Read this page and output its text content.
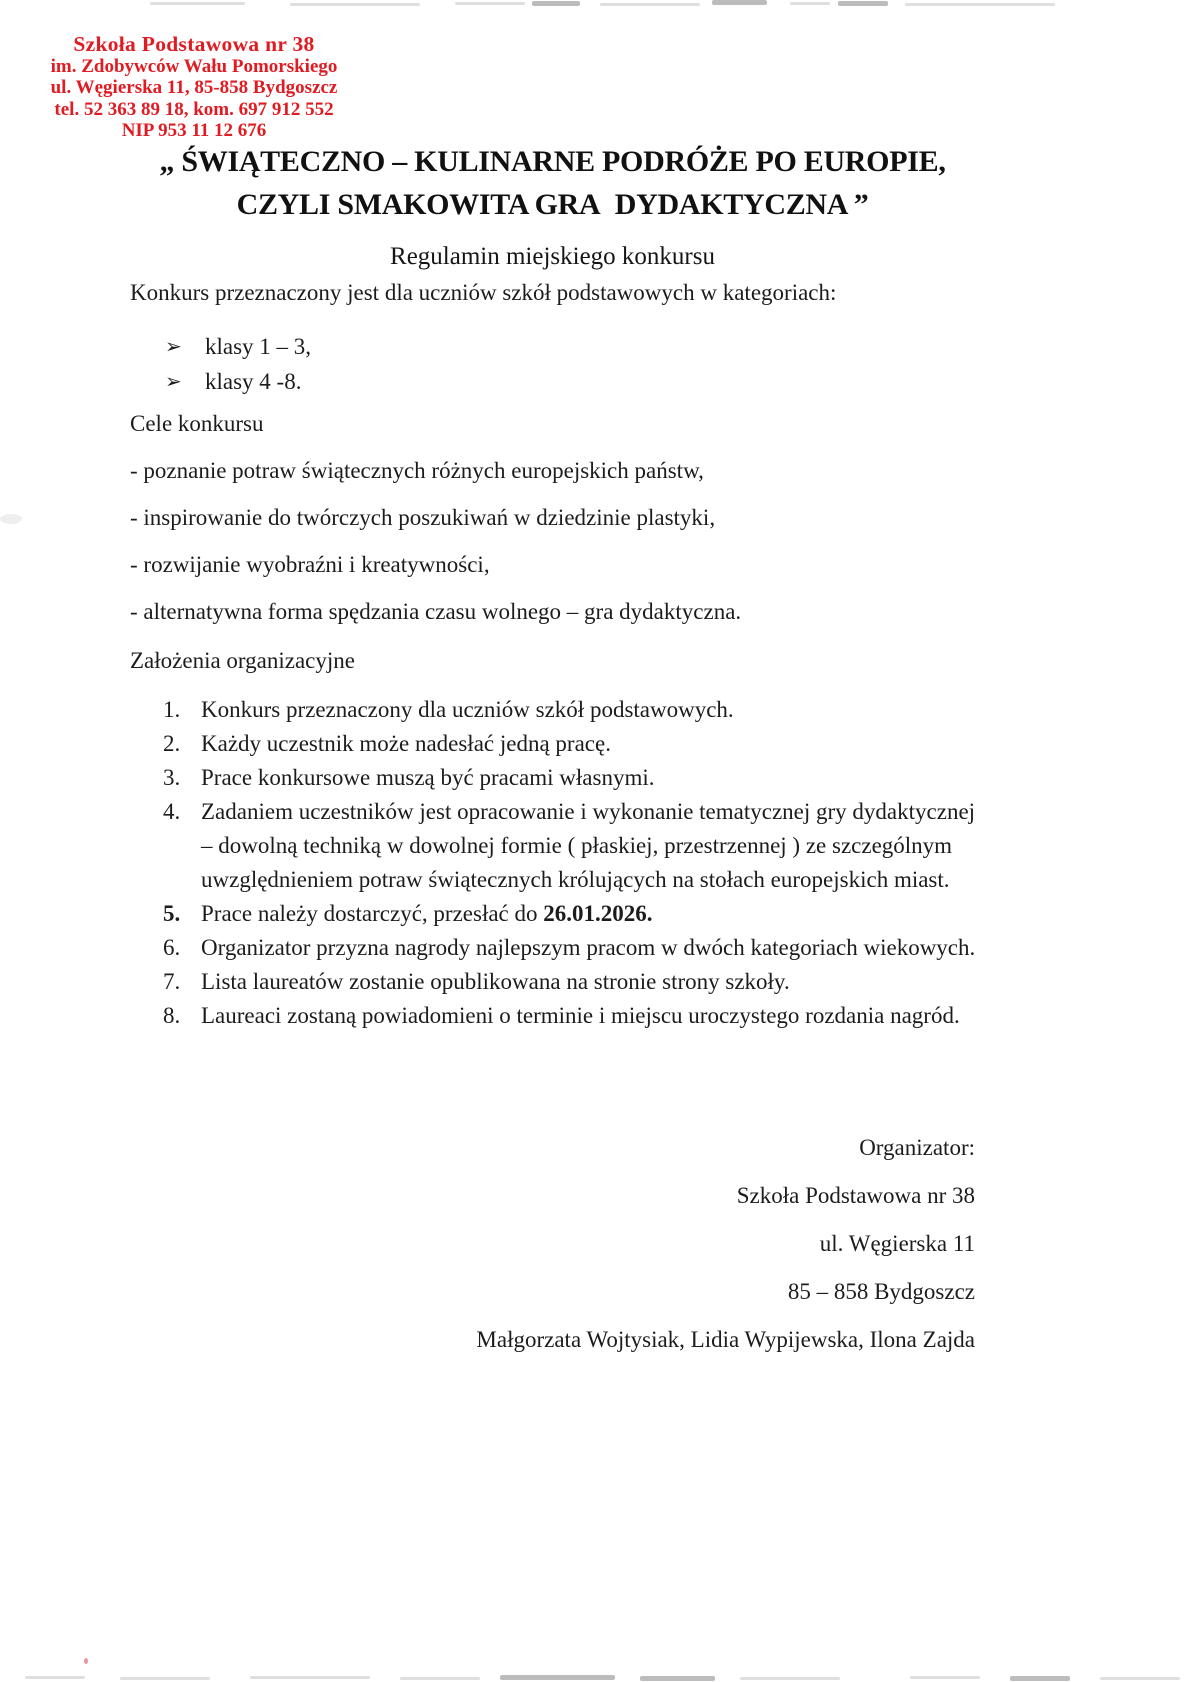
Szkoła Podstawowa nr 38
im. Zdobywców Wału Pomorskiego
ul. Węgierska 11, 85-858 Bydgoszcz
tel. 52 363 89 18, kom. 697 912 552
NIP 953 11 12 676
„ ŚWIĄTECZNO – KULINARNE PODRÓŻE PO EUROPIE,
CZYLI SMAKOWITA GRA  DYDAKTYCZNA ”
Regulamin miejskiego konkursu

Konkurs przeznaczony jest dla uczniów szkół podstawowych w kategoriach:

➢	klasy 1 – 3,
➢	klasy 4 -8.
Cele konkursu
- poznanie potraw świątecznych różnych europejskich państw,
- inspirowanie do twórczych poszukiwań w dziedzinie plastyki,
- rozwijanie wyobraźni i kreatywności,
- alternatywna forma spędzania czasu wolnego – gra dydaktyczna.
Założenia organizacyjne
1. Konkurs przeznaczony dla uczniów szkół podstawowych.
2. Każdy uczestnik może nadesłać jedną pracę.
3. Prace konkursowe muszą być pracami własnymi.
4. Zadaniem uczestników jest opracowanie i wykonanie tematycznej gry dydaktycznej – dowolną techniką w dowolnej formie ( płaskiej, przestrzennej ) ze szczególnym uwzględnieniem potraw świątecznych królujących na stołach europejskich miast.
5. Prace należy dostarczyć, przesłać do 26.01.2026.
6. Organizator przyzna nagrody najlepszym pracom w dwóch kategoriach wiekowych.
7. Lista laureatów zostanie opublikowana na stronie strony szkoły.
8. Laureaci zostaną powiadomieni o terminie i miejscu uroczystego rozdania nagród.
Organizator:
Szkoła Podstawowa nr 38
ul. Węgierska 11
85 – 858 Bydgoszcz
Małgorzata Wojtysiak, Lidia Wypijewska, Ilona Zajda
